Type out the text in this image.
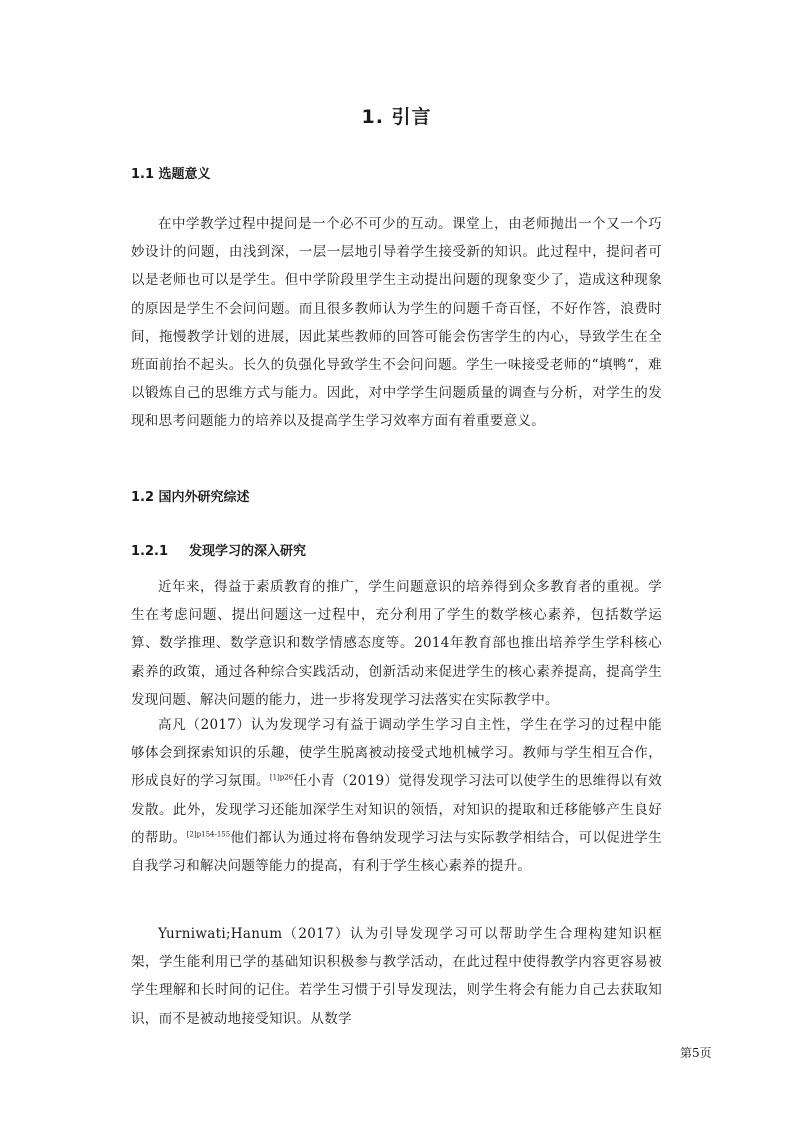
1. 引言
1.1 选题意义
在中学教学过程中提问是一个必不可少的互动。课堂上，由老师抛出一个又一个巧妙设计的问题，由浅到深，一层一层地引导着学生接受新的知识。此过程中，提问者可以是老师也可以是学生。但中学阶段里学生主动提出问题的现象变少了，造成这种现象的原因是学生不会问问题。而且很多教师认为学生的问题千奇百怪，不好作答，浪费时间，拖慢教学计划的进展，因此某些教师的回答可能会伤害学生的内心，导致学生在全班面前抬不起头。长久的负强化导致学生不会问问题。学生一味接受老师的“填鸭“，难以锻炼自己的思维方式与能力。因此，对中学学生问题质量的调查与分析，对学生的发现和思考问题能力的培养以及提高学生学习效率方面有着重要意义。
1.2 国内外研究综述
1.2.1 发现学习的深入研究
近年来，得益于素质教育的推广，学生问题意识的培养得到众多教育者的重视。学生在考虑问题、提出问题这一过程中，充分利用了学生的数学核心素养，包括数学运算、数学推理、数学意识和数学情感态度等。2014年教育部也推出培养学生学科核心素养的政策，通过各种综合实践活动，创新活动来促进学生的核心素养提高，提高学生发现问题、解决问题的能力，进一步将发现学习法落实在实际教学中。
高凡（2017）认为发现学习有益于调动学生学习自主性，学生在学习的过程中能够体会到探索知识的乐趣，使学生脱离被动接受式地机械学习。教师与学生相互合作，形成良好的学习氛围。$^{[1]p26}$任小青（2019）觉得发现学习法可以使学生的思维得以有效发散。此外，发现学习还能加深学生对知识的领悟，对知识的提取和迁移能够产生良好的帮助。$^{[2]p154-155}$他们都认为通过将布鲁纳发现学习法与实际教学相结合，可以促进学生自我学习和解决问题等能力的提高，有利于学生核心素养的提升。
Yurniwati;Hanum（2017）认为引导发现学习可以帮助学生合理构建知识框架，学生能利用已学的基础知识积极参与教学活动，在此过程中使得教学内容更容易被学生理解和长时间的记住。若学生习惯于引导发现法，则学生将会有能力自己去获取知识，而不是被动地接受知识。从数学
第5页
